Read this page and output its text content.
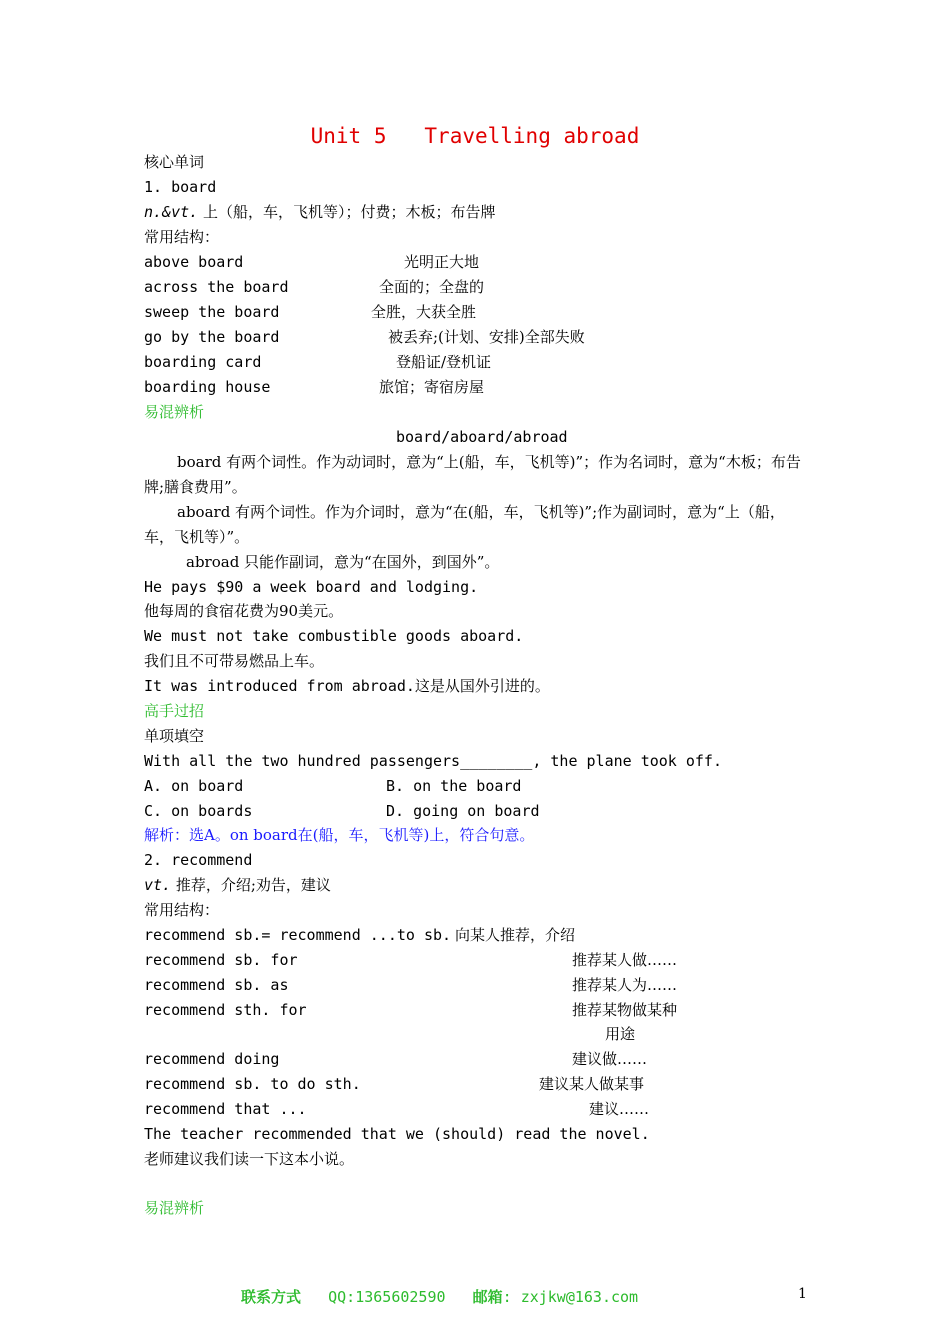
Unit 5   Travelling abroad
核心单词
1. board
n.&vt. 上（船，车，飞机等）；付费；木板；布告牌
常用结构：
above board	光明正大地
across the board	全面的；全盘的
sweep the board	全胜，大获全胜
go by the board	被丢弃;(计划、安排)全部失败
boarding card	登船证/登机证
boarding house	旅馆；寄宿房屋
易混辨析
board/aboard/abroad
board 有两个词性。作为动词时，意为“上(船，车，飞机等)”；作为名词时，意为“木板；布告牌;膳食费用”。
aboard 有两个词性。作为介词时，意为“在(船，车，飞机等)”;作为副词时，意为“上（船，车，飞机等）”。
abroad 只能作副词，意为“在国外，到国外”。
He pays $90 a week board and lodging.
他每周的食宿花费为90美元。
We must not take combustible goods aboard.
我们且不可带易燃品上车。
It was introduced from abroad.这是从国外引进的。
高手过招
单项填空
With all the two hundred passengers________, the plane took off.
A. on board	B. on the board
C. on boards	D. going on board
解析：选A。on board在(船，车，飞机等)上，符合句意。
2. recommend
vt. 推荐，介绍;劝告，建议
常用结构：
recommend sb.= recommend ...to sb. 向某人推荐，介绍
recommend sb. for	推荐某人做……
recommend sb. as	推荐某人为……
recommend sth. for	推荐某物做某种
用途
recommend doing	建议做……
recommend sb. to do sth.	建议某人做某事
recommend that ...	建议……
The teacher recommended that we (should) read the novel.
老师建议我们读一下这本小说。
易混辨析
联系方式 QQ:1365602590 邮箱: zxjkw@163.com	1
